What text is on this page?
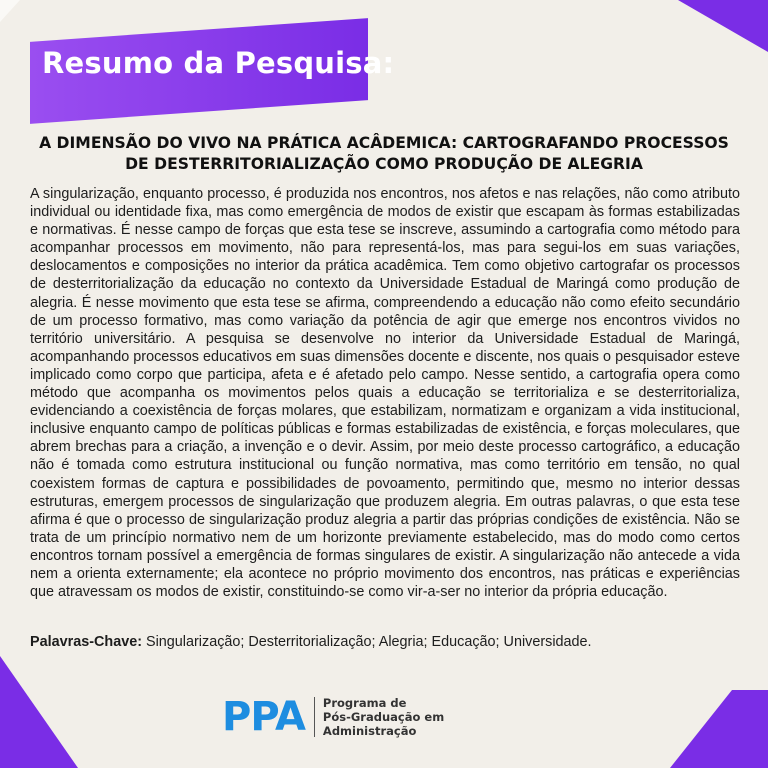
Resumo da Pesquisa:
A DIMENSÃO DO VIVO NA PRÁTICA ACÂDEMICA: CARTOGRAFANDO PROCESSOS
DE DESTERRITORIALIZAÇÃO COMO PRODUÇÃO DE ALEGRIA

A singularização, enquanto processo, é produzida nos encontros, nos afetos e nas relações, não como atributo individual ou identidade fixa, mas como emergência de modos de existir que escapam às formas estabilizadas e normativas. É nesse campo de forças que esta tese se inscreve, assumindo a cartografia como método para acompanhar processos em movimento, não para representá-los, mas para segui-los em suas variações, deslocamentos e composições no interior da prática acadêmica. Tem como objetivo cartografar os processos de desterritorialização da educação no contexto da Universidade Estadual de Maringá como produção de alegria. É nesse movimento que esta tese se afirma, compreendendo a educação não como efeito secundário de um processo formativo, mas como variação da potência de agir que emerge nos encontros vividos no território universitário. A pesquisa se desenvolve no interior da Universidade Estadual de Maringá, acompanhando processos educativos em suas dimensões docente e discente, nos quais o pesquisador esteve implicado como corpo que participa, afeta e é afetado pelo campo. Nesse sentido, a cartografia opera como método que acompanha os movimentos pelos quais a educação se territorializa e se desterritorializa, evidenciando a coexistência de forças molares, que estabilizam, normatizam e organizam a vida institucional, inclusive enquanto campo de políticas públicas e formas estabilizadas de existência, e forças moleculares, que abrem brechas para a criação, a invenção e o devir. Assim, por meio deste processo cartográfico, a educação não é tomada como estrutura institucional ou função normativa, mas como território em tensão, no qual coexistem formas de captura e possibilidades de povoamento, permitindo que, mesmo no interior dessas estruturas, emergem processos de singularização que produzem alegria. Em outras palavras, o que esta tese afirma é que o processo de singularização produz alegria a partir das próprias condições de existência. Não se trata de um princípio normativo nem de um horizonte previamente estabelecido, mas do modo como certos encontros tornam possível a emergência de formas singulares de existir. A singularização não antecede a vida nem a orienta externamente; ela acontece no próprio movimento dos encontros, nas práticas e experiências que atravessam os modos de existir, constituindo-se como vir-a-ser no interior da própria educação.

Palavras-Chave: Singularização; Desterritorialização; Alegria; Educação; Universidade.

PPA Programa de
Pós-Graduação em
Administração
